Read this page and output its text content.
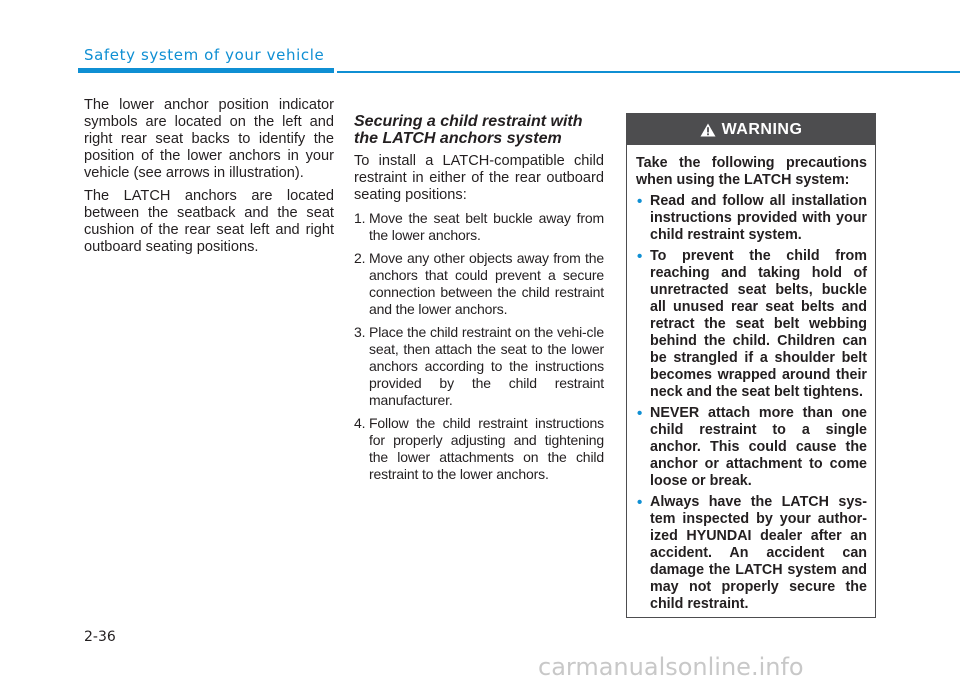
Safety system of your vehicle

The lower anchor position indicator symbols are located on the left and right rear seat backs to identify the position of the lower anchors in your vehicle (see arrows in illustration).

The LATCH anchors are located between the seatback and the seat cushion of the rear seat left and right outboard seating positions.

Securing a child restraint with the LATCH anchors system

To install a LATCH-compatible child restraint in either of the rear outboard seating positions:

1. Move the seat belt buckle away from the lower anchors.
2. Move any other objects away from the anchors that could prevent a secure connection between the child restraint and the lower anchors.
3. Place the child restraint on the vehi-cle seat, then attach the seat to the lower anchors according to the instructions provided by the child restraint manufacturer.
4. Follow the child restraint instructions for properly adjusting and tightening the lower attachments on the child restraint to the lower anchors.
WARNING

Take the following precautions when using the LATCH system:

• Read and follow all installation instructions provided with your child restraint system.
• To prevent the child from reaching and taking hold of unretracted seat belts, buckle all unused rear seat belts and retract the seat belt webbing behind the child. Children can be strangled if a shoulder belt becomes wrapped around their neck and the seat belt tightens.
• NEVER attach more than one child restraint to a single anchor. This could cause the anchor or attachment to come loose or break.
• Always have the LATCH sys-tem inspected by your author-ized HYUNDAI dealer after an accident. An accident can damage the LATCH system and may not properly secure the child restraint.
2-36
carmanualsonline.info
